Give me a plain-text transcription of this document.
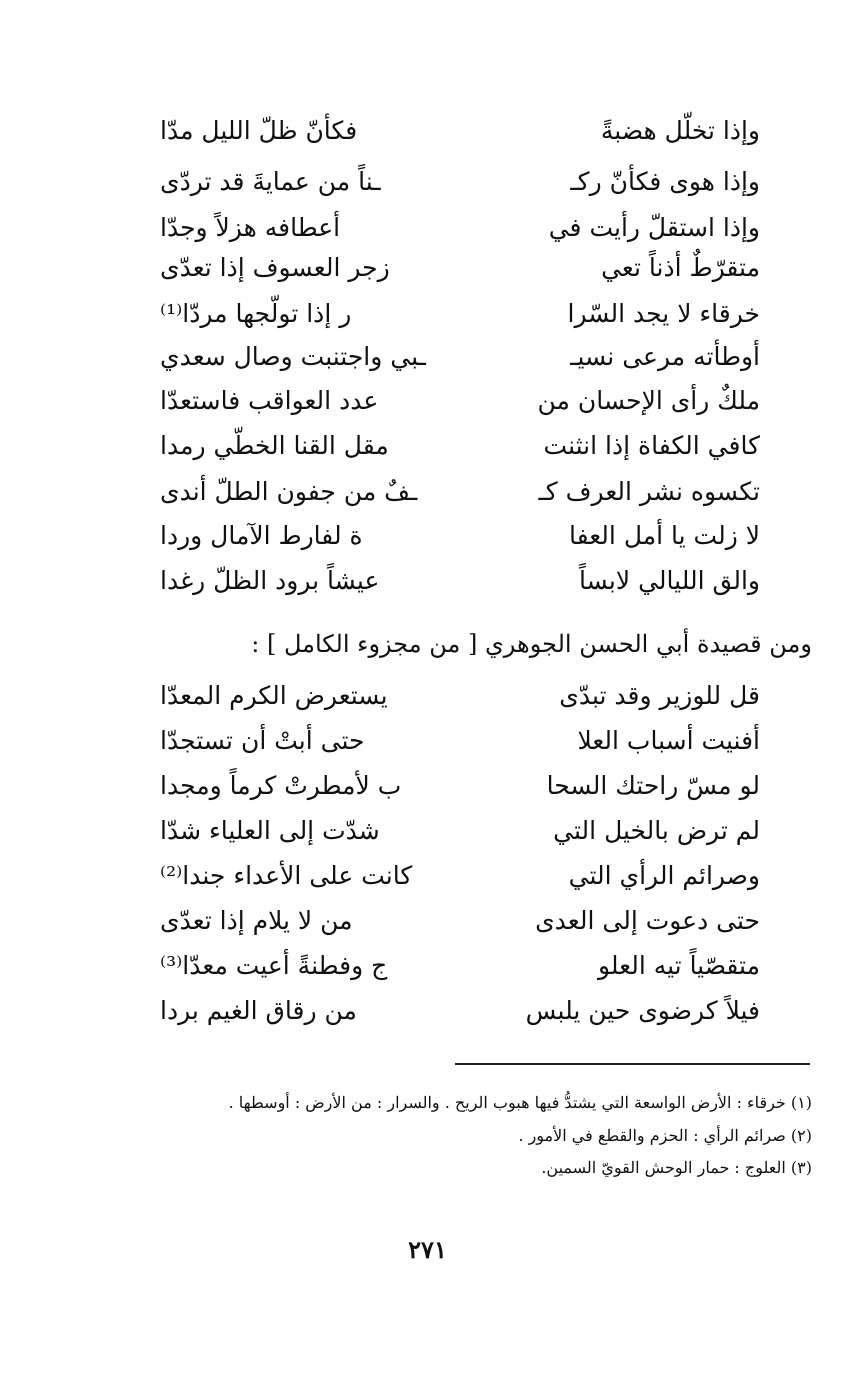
وإذا تخلّل هضبةً
فكأنّ ظلّ الليل مدّا
وإذا هوى فكأنّ ركـ
ـناً من عمايةَ قد تردّى
وإذا استقلّ رأيت في
أعطافه هزلاً وجدّا
متقرّطٌ أذناً تعي
زجر العسوف إذا تعدّى
خرقاء لا يجد السّرا
ر إذا تولّجها مردّا⁽¹⁾
أوطأته مرعى نسيـ
ـبي واجتنبت وصال سعدي
ملكٌ رأى الإحسان من
عدد العواقب فاستعدّا
كافي الكفاة إذا انثنت
مقل القنا الخطّي رمدا
تكسوه نشر العرف كـ
ـفٌ من جفون الطلّ أندى
لا زلت يا أمل العفا
ة لفارط الآمال وردا
والق الليالي لابساً
عيشاً برود الظلّ رغدا
ومن قصيدة أبي الحسن الجوهري [ من مجزوء الكامل ] :
قل للوزير وقد تبدّى
يستعرض الكرم المعدّا
أفنيت أسباب العلا
حتى أبتْ أن تستجدّا
لو مسّ راحتك السحا
ب لأمطرتْ كرماً ومجدا
لم ترض بالخيل التي
شدّت إلى العلياء شدّا
وصرائم الرأي التي
كانت على الأعداء جندا⁽²⁾
حتى دعوت إلى العدى
من لا يلام إذا تعدّى
متقصّياً تيه العلو
ج وفطنةً أعيت معدّا⁽³⁾
فيلاً كرضوى حين يلبس
من رقاق الغيم بردا
(١) خرقاء : الأرض الواسعة التي يشتدُّ فيها هبوب الريح . والسرار : من الأرض : أوسطها .
(٢) صرائم الرأي : الحزم والقطع في الأمور .
(٣) العلوج : حمار الوحش القويّ السمين.
٢٧١
